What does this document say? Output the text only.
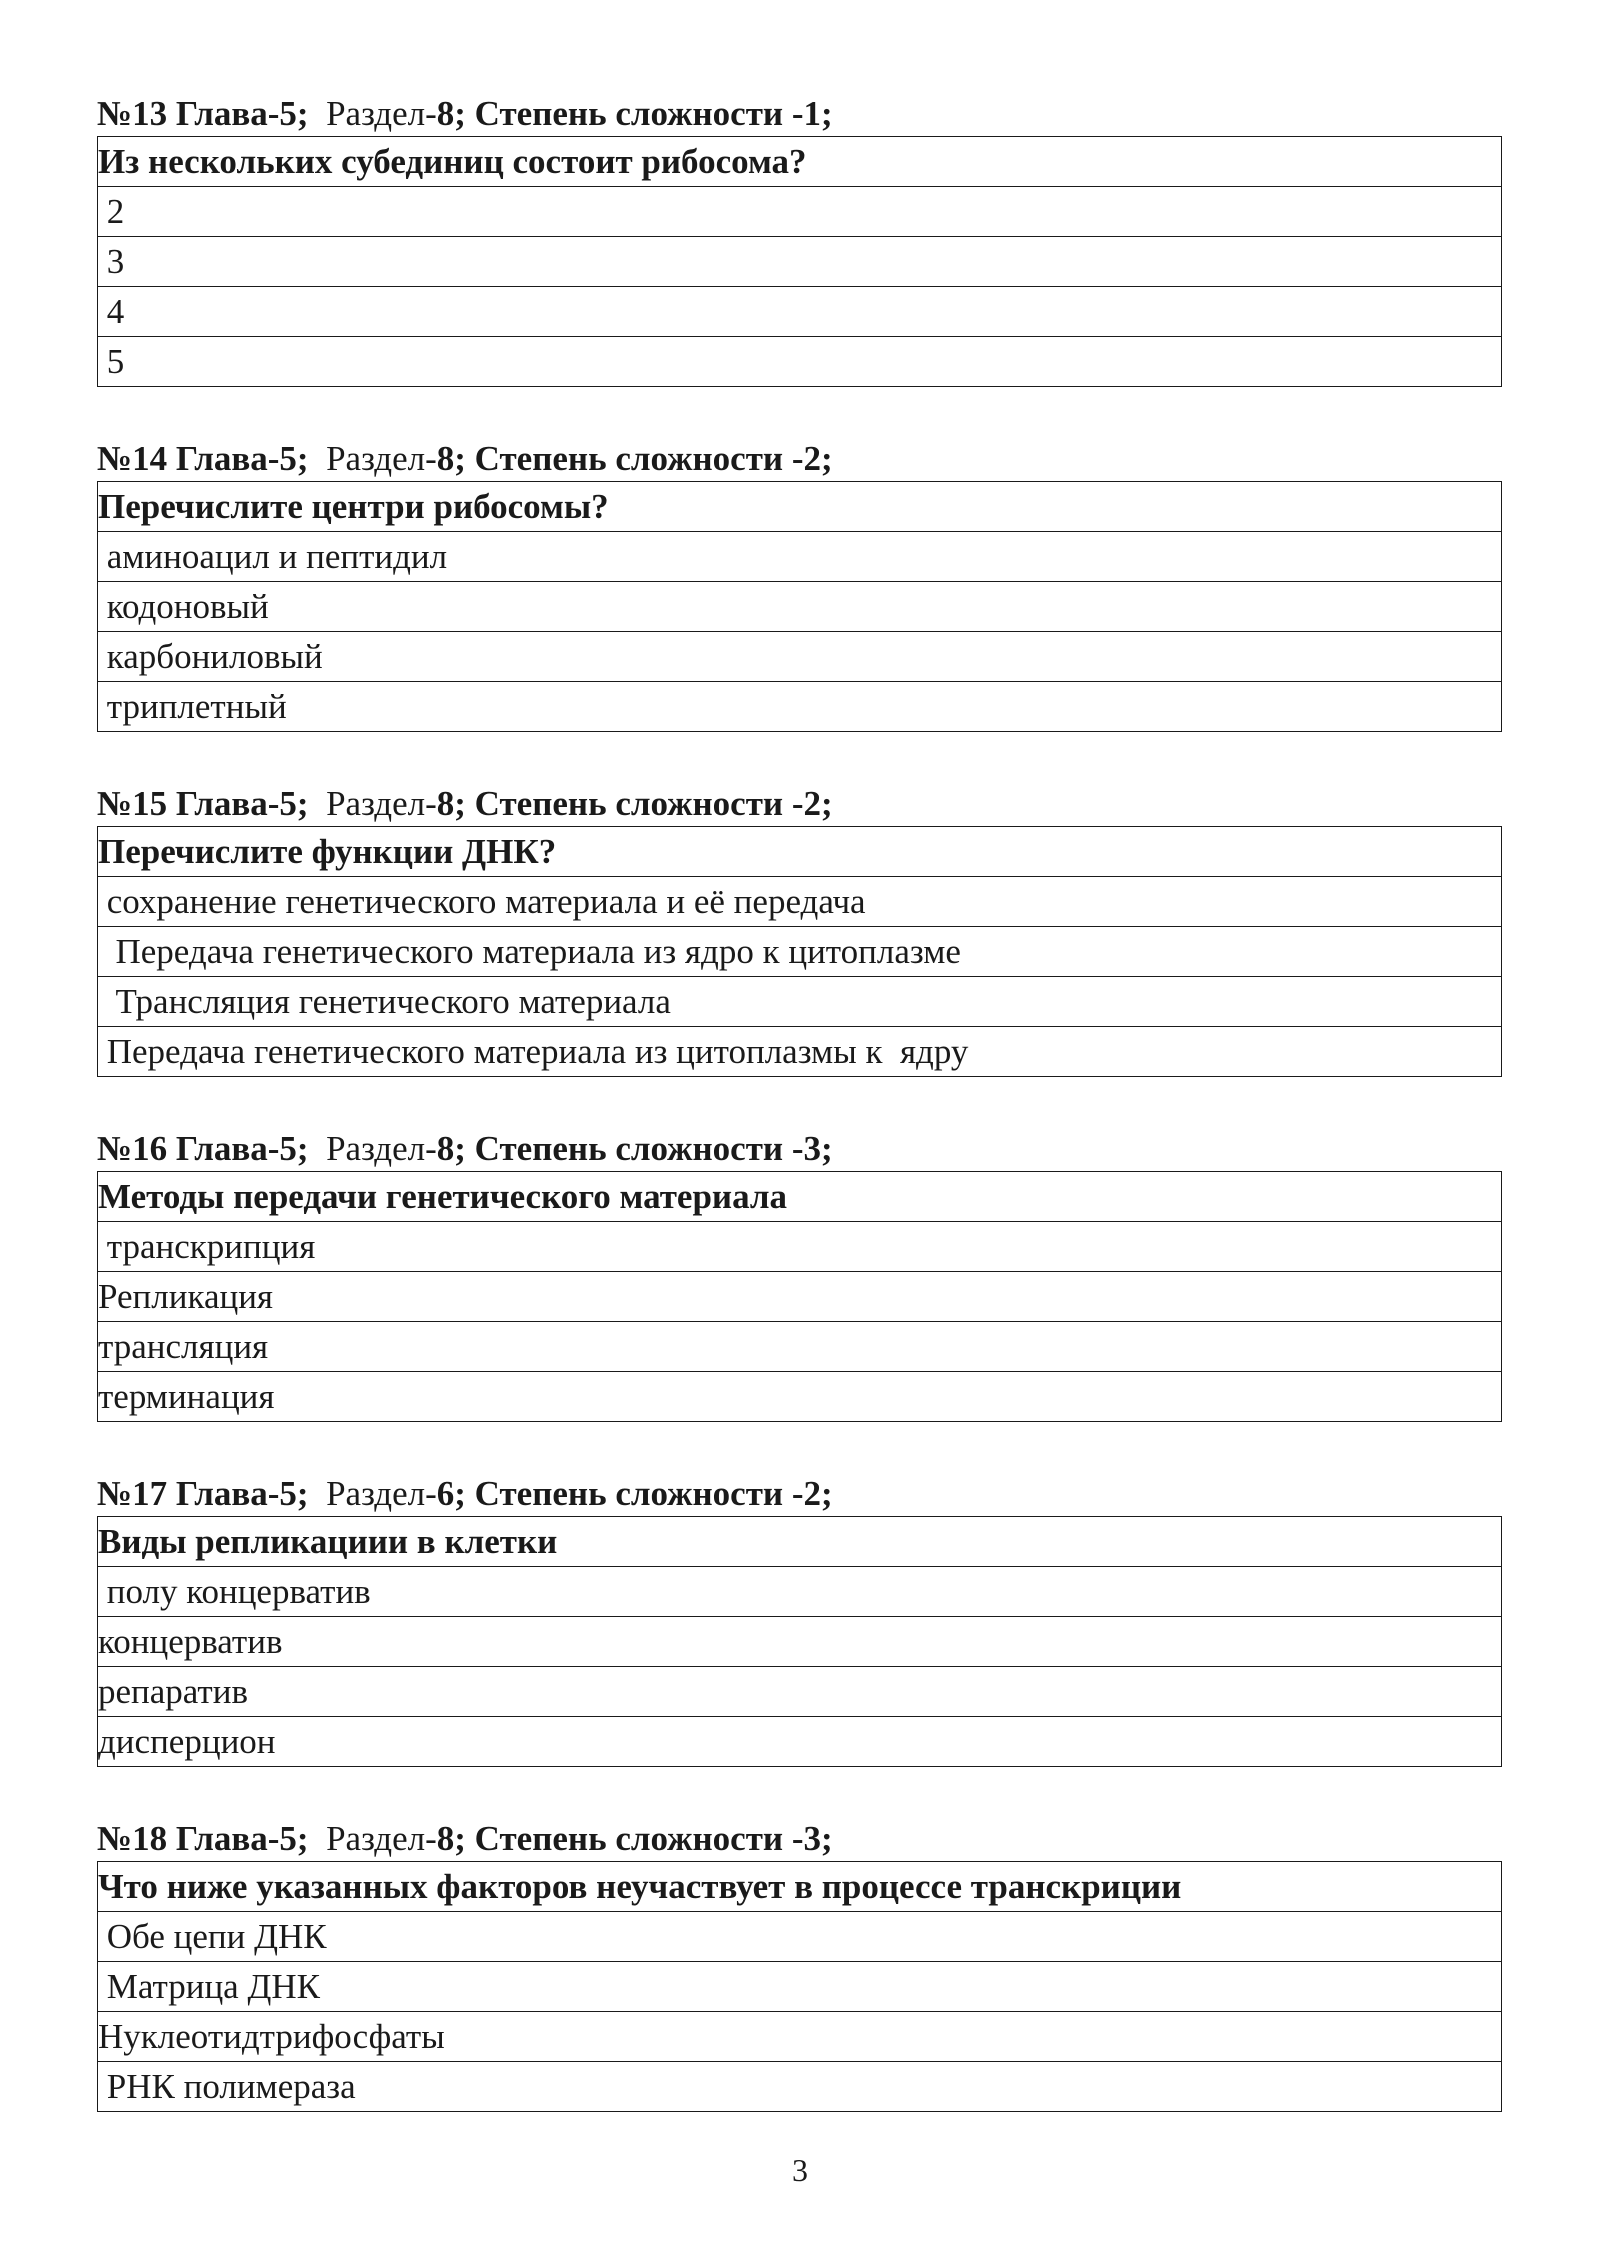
№13 Глава-5; Раздел-8; Степень сложности -1;
Из нескольких субединиц состоит рибосома?
2
3
4
5
№14 Глава-5; Раздел-8; Степень сложности -2;
Перечислите центри рибосомы?
аминоацил и пептидил
кодоновый
карбониловый
триплетный
№15 Глава-5; Раздел-8; Степень сложности -2;
Перечислите функции ДНК?
сохранение генетического материала и её передача
Передача генетического материала из ядро к цитоплазме
Трансляция генетического материала
Передача генетического материала из цитоплазмы к  ядру
№16 Глава-5; Раздел-8; Степень сложности -3;
Методы передачи генетического материала
транскрипция
Репликация
трансляция
терминация
№17 Глава-5; Раздел-6; Степень сложности -2;
Виды репликациии в клетки
полу концерватив
концерватив
репаратив
дисперцион
№18 Глава-5; Раздел-8; Степень сложности -3;
Что ниже указанных факторов неучаствует в процессе транскриции
Обе цепи ДНК
Матрица ДНК
Нуклеотидтрифосфаты
РНК полимераза
3
